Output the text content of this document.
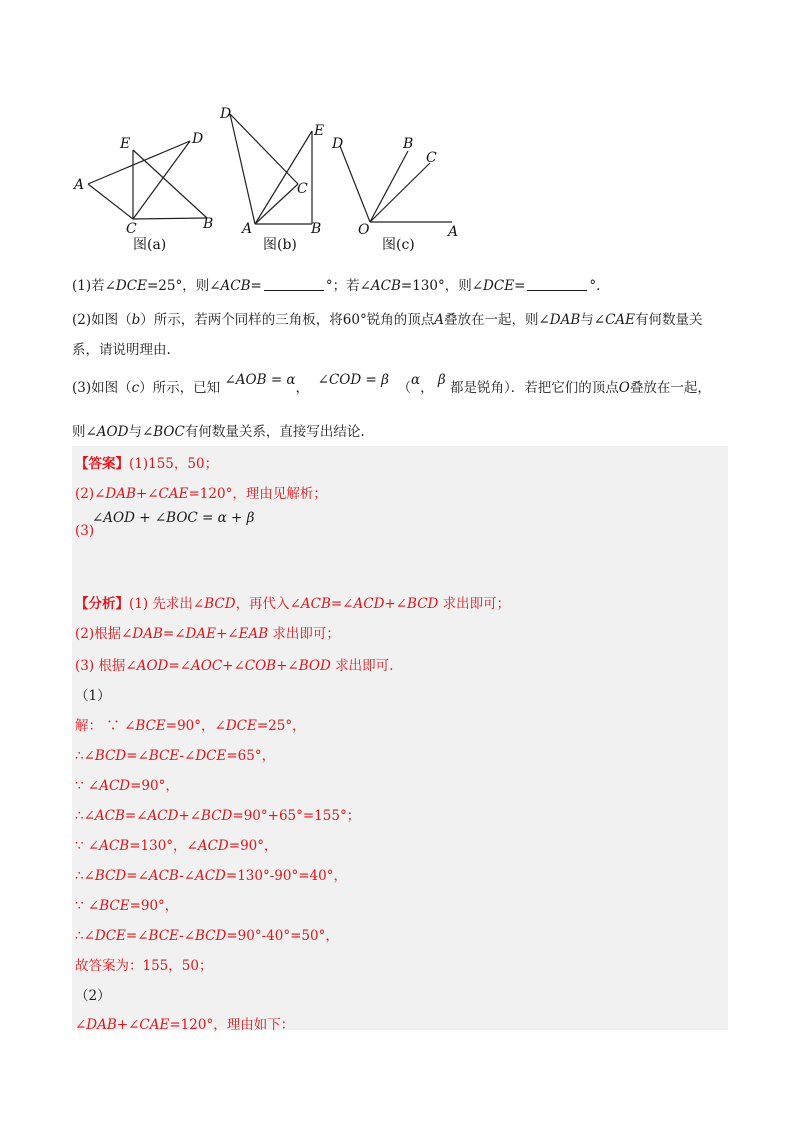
E	D
A
C	B
D
E
C
A	B
D	B
C
O	A
图(a)	图(b)	图(c)
(1)若∠DCE=25°，则∠ACB=	°；若∠ACB=130°，则∠DCE=	°.
(2)如图（b）所示，若两个同样的三角板，将60°锐角的顶点A叠放在一起，则∠DAB与∠CAE有何数量关
系，请说明理由.
(3)如图（c）所示，已知 ∠AOB = α， ∠COD = β （α， β 都是锐角）．若把它们的顶点O叠放在一起，
则∠AOD与∠BOC有何数量关系，直接写出结论.
【答案】(1)155，50；
(2)∠DAB+∠CAE=120°，理由见解析；
(3)
∠AOD + ∠BOC = α + β
【分析】(1) 先求出∠BCD，再代入∠ACB=∠ACD+∠BCD 求出即可；
(2)根据∠DAB=∠DAE+∠EAB 求出即可；
(3) 根据∠AOD=∠AOC+∠COB+∠BOD 求出即可.
（1）
解： ∵ ∠BCE=90°，∠DCE=25°，
∴∠BCD=∠BCE-∠DCE=65°，
∵ ∠ACD=90°，
∴∠ACB=∠ACD+∠BCD=90°+65°=155°；
∵ ∠ACB=130°，∠ACD=90°，
∴∠BCD=∠ACB-∠ACD=130°-90°=40°，
∵ ∠BCE=90°，
∴∠DCE=∠BCE-∠BCD=90°-40°=50°，
故答案为：155，50；
（2）
∠DAB+∠CAE=120°，理由如下：
